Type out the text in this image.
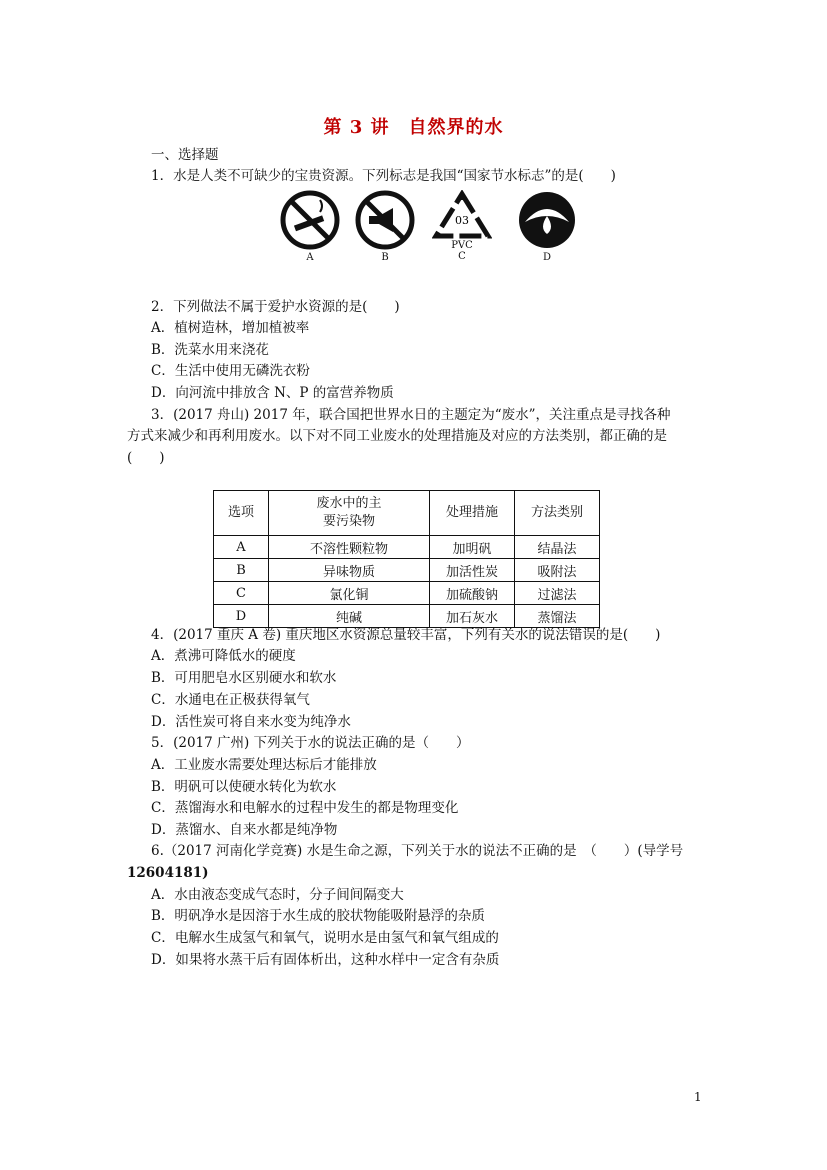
第 3 讲　自然界的水
一、选择题
1．水是人类不可缺少的宝贵资源。下列标志是我国“国家节水标志”的是(　　)
A	B
03
PVC
C	D
2．下列做法不属于爱护水资源的是(　　)
A．植树造林，增加植被率
B．洗菜水用来浇花
C．生活中使用无磷洗衣粉
D．向河流中排放含 N、P 的富营养物质
3．(2017 舟山) 2017 年，联合国把世界水日的主题定为“废水”，关注重点是寻找各种
方式来减少和再利用废水。以下对不同工业废水的处理措施及对应的方法类别，都正确的是
(　　)
选项	废水中的主
要污染物	处理措施	方法类别
A	不溶性颗粒物	加明矾	结晶法
B	异味物质	加活性炭	吸附法
C	氯化铜	加硫酸钠	过滤法
D	纯碱	加石灰水	蒸馏法
4．(2017 重庆 A 卷) 重庆地区水资源总量较丰富，下列有关水的说法错误的是(　　)
A．煮沸可降低水的硬度
B．可用肥皂水区别硬水和软水
C．水通电在正极获得氧气
D．活性炭可将自来水变为纯净水
5．(2017 广州) 下列关于水的说法正确的是（　　）
A．工业废水需要处理达标后才能排放
B．明矾可以使硬水转化为软水
C．蒸馏海水和电解水的过程中发生的都是物理变化
D．蒸馏水、自来水都是纯净物
6.（2017 河南化学竞赛) 水是生命之源，下列关于水的说法不正确的是　（　　）(导学号
12604181)
A．水由液态变成气态时，分子间间隔变大
B．明矾净水是因溶于水生成的胶状物能吸附悬浮的杂质
C．电解水生成氢气和氧气，说明水是由氢气和氧气组成的
D．如果将水蒸干后有固体析出，这种水样中一定含有杂质
1
